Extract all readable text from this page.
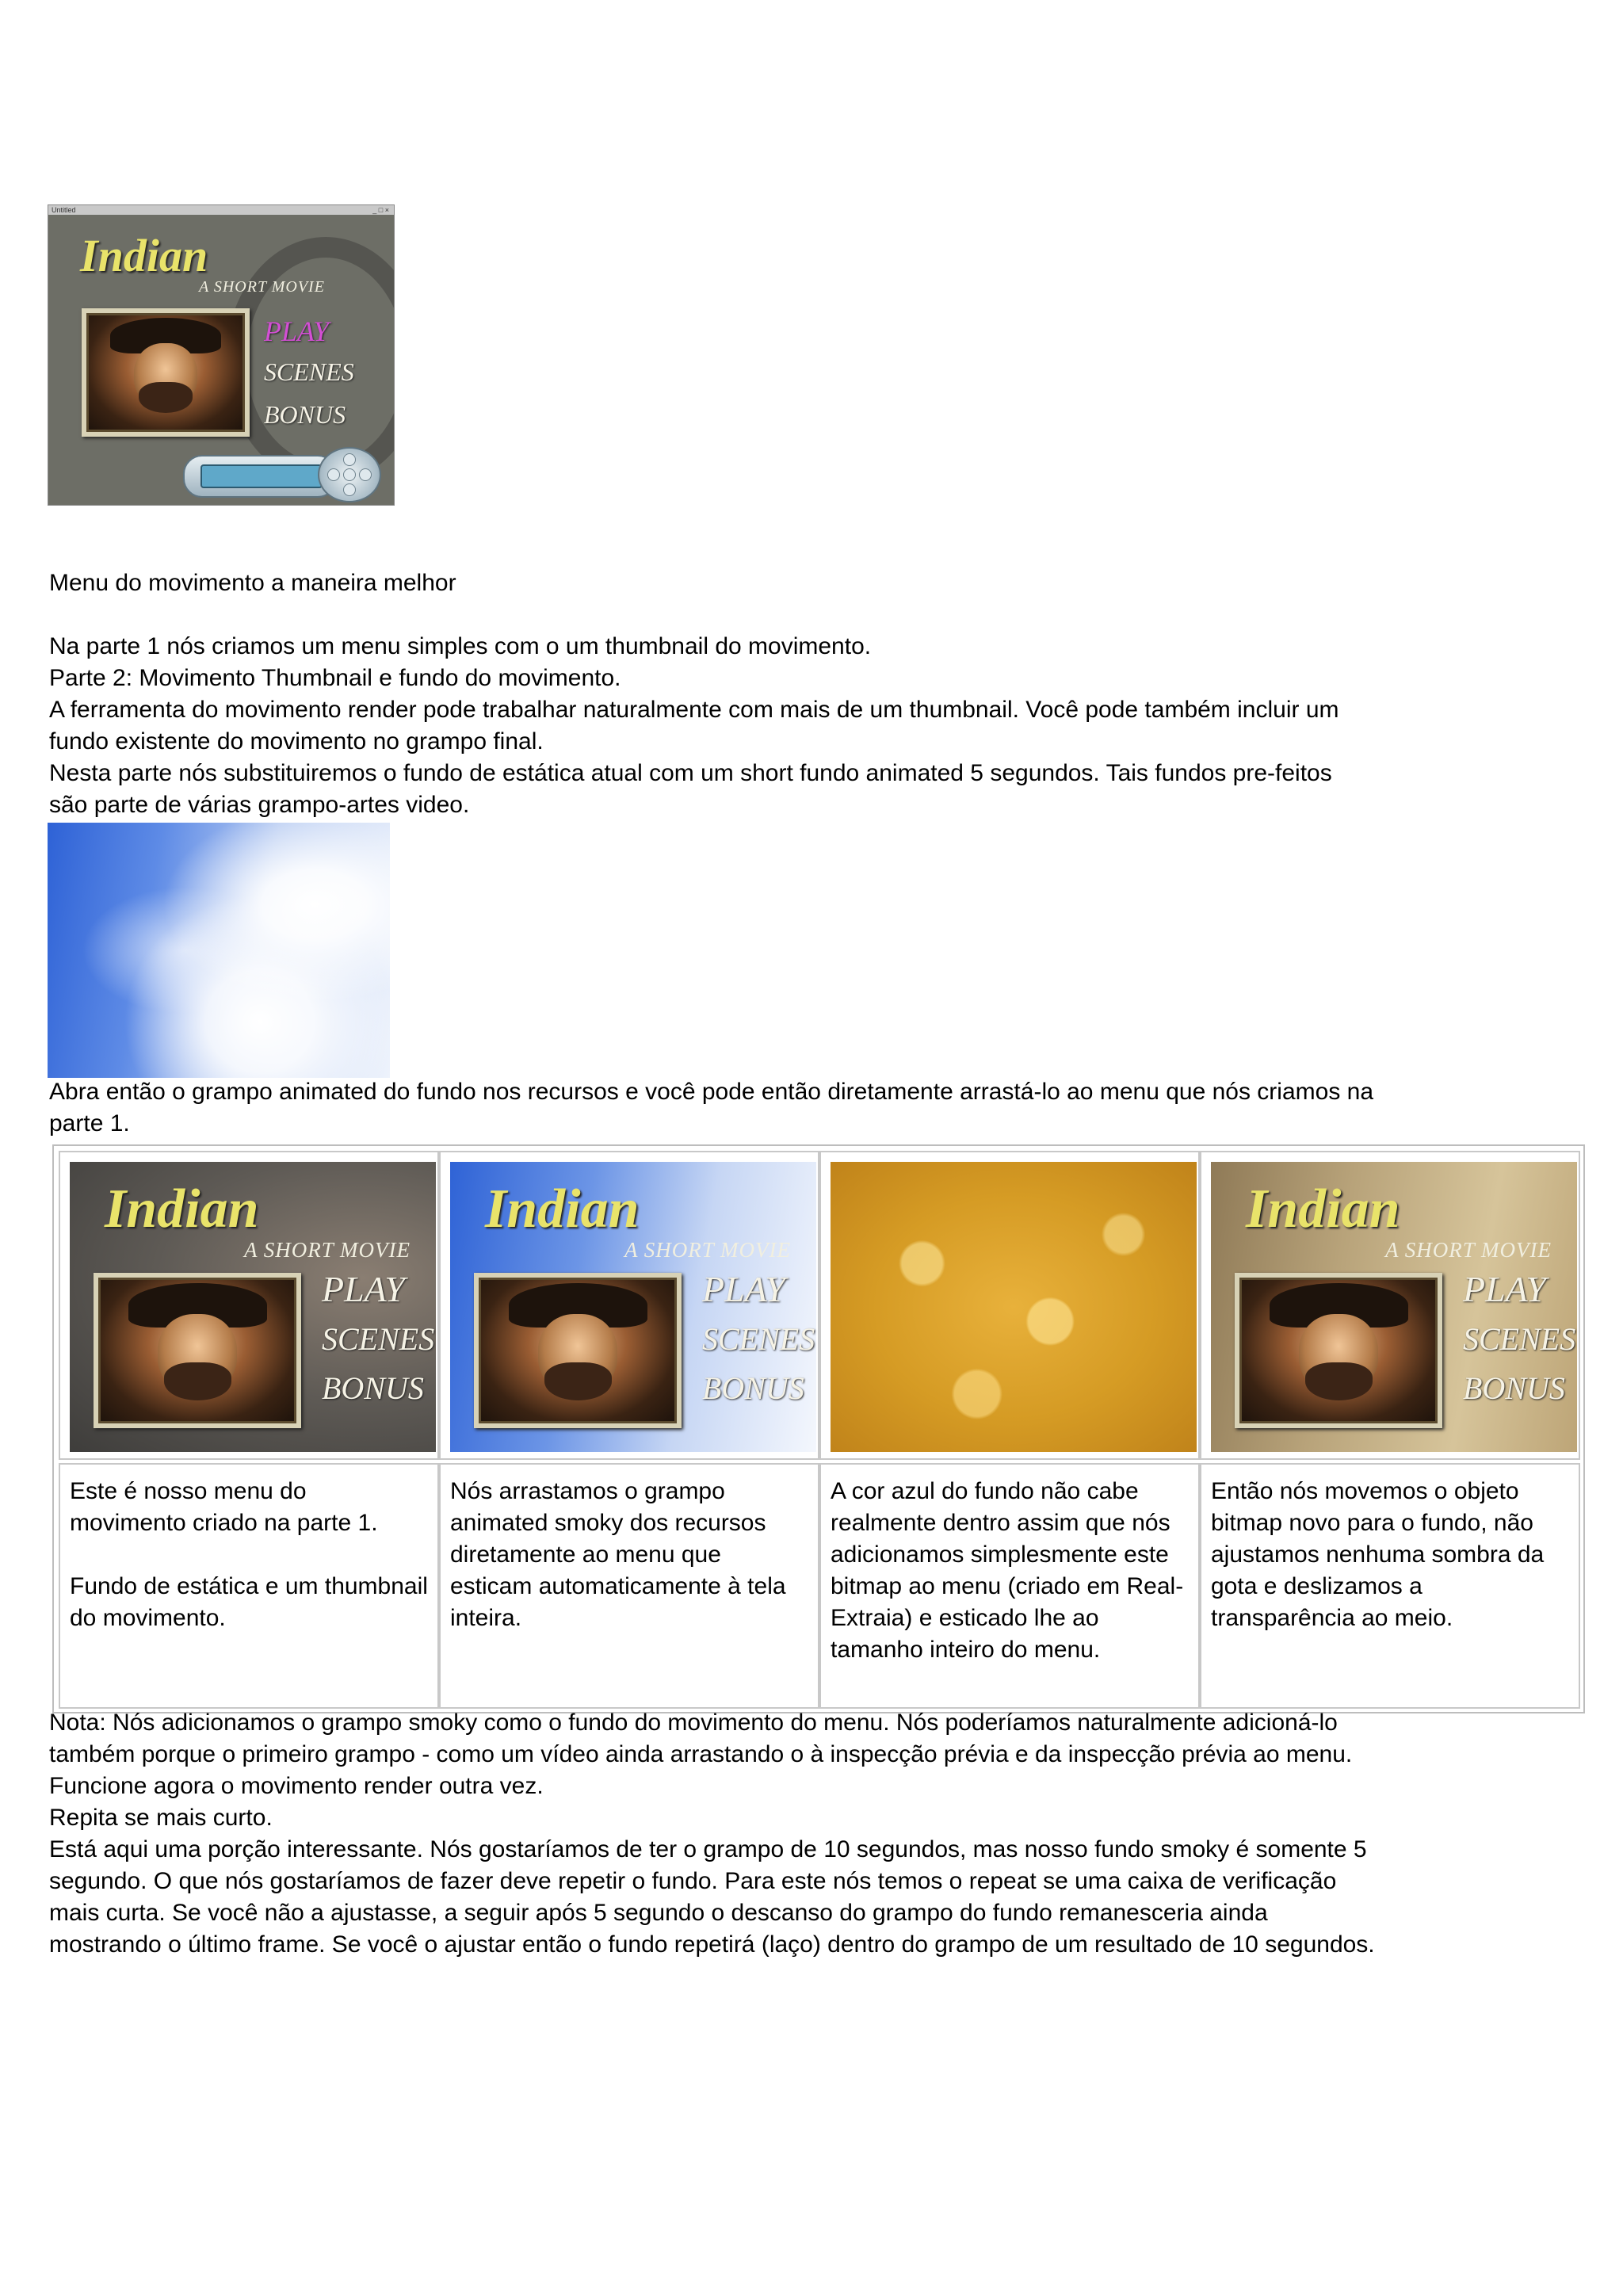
Untitled	_ □ ×
Indian
A SHORT MOVIE
PLAY
SCENES
BONUS
Menu do movimento a maneira melhor
Na parte 1 nós criamos um menu simples com o um thumbnail do movimento.
Parte 2: Movimento Thumbnail e fundo do movimento.
A ferramenta do movimento render pode trabalhar naturalmente com mais de um thumbnail. Você pode também incluir um
fundo existente do movimento no grampo final.
Nesta parte nós substituiremos o fundo de estática atual com um short fundo animated 5 segundos. Tais fundos pre-feitos
são parte de várias grampo-artes video.
Abra então o grampo animated do fundo nos recursos e você pode então diretamente arrastá-lo ao menu que nós criamos na
parte 1.
Indian
A SHORT MOVIE
PLAY
SCENES
BONUS
Indian
A SHORT MOVIE
PLAY
SCENES
BONUS
Indian
A SHORT MOVIE
PLAY
SCENES
BONUS

Este é nosso menu do movimento criado na parte 1.

Fundo de estática e um thumbnail do movimento.

Nós arrastamos o grampo animated smoky dos recursos diretamente ao menu que esticam automaticamente à tela inteira.

A cor azul do fundo não cabe realmente dentro assim que nós adicionamos simplesmente este bitmap ao menu (criado em Real-Extraia) e esticado lhe ao tamanho inteiro do menu.

Então nós movemos o objeto bitmap novo para o fundo, não ajustamos nenhuma sombra da gota e deslizamos a transparência ao meio.

Nota: Nós adicionamos o grampo smoky como o fundo do movimento do menu. Nós poderíamos naturalmente adicioná-lo
também porque o primeiro grampo - como um vídeo ainda arrastando o à inspecção prévia e da inspecção prévia ao menu.
Funcione agora o movimento render outra vez.
Repita se mais curto.
Está aqui uma porção interessante. Nós gostaríamos de ter o grampo de 10 segundos, mas nosso fundo smoky é somente 5
segundo. O que nós gostaríamos de fazer deve repetir o fundo. Para este nós temos o repeat se uma caixa de verificação
mais curta. Se você não a ajustasse, a seguir após 5 segundo o descanso do grampo do fundo remanesceria ainda
mostrando o último frame. Se você o ajustar então o fundo repetirá (laço) dentro do grampo de um resultado de 10 segundos.
